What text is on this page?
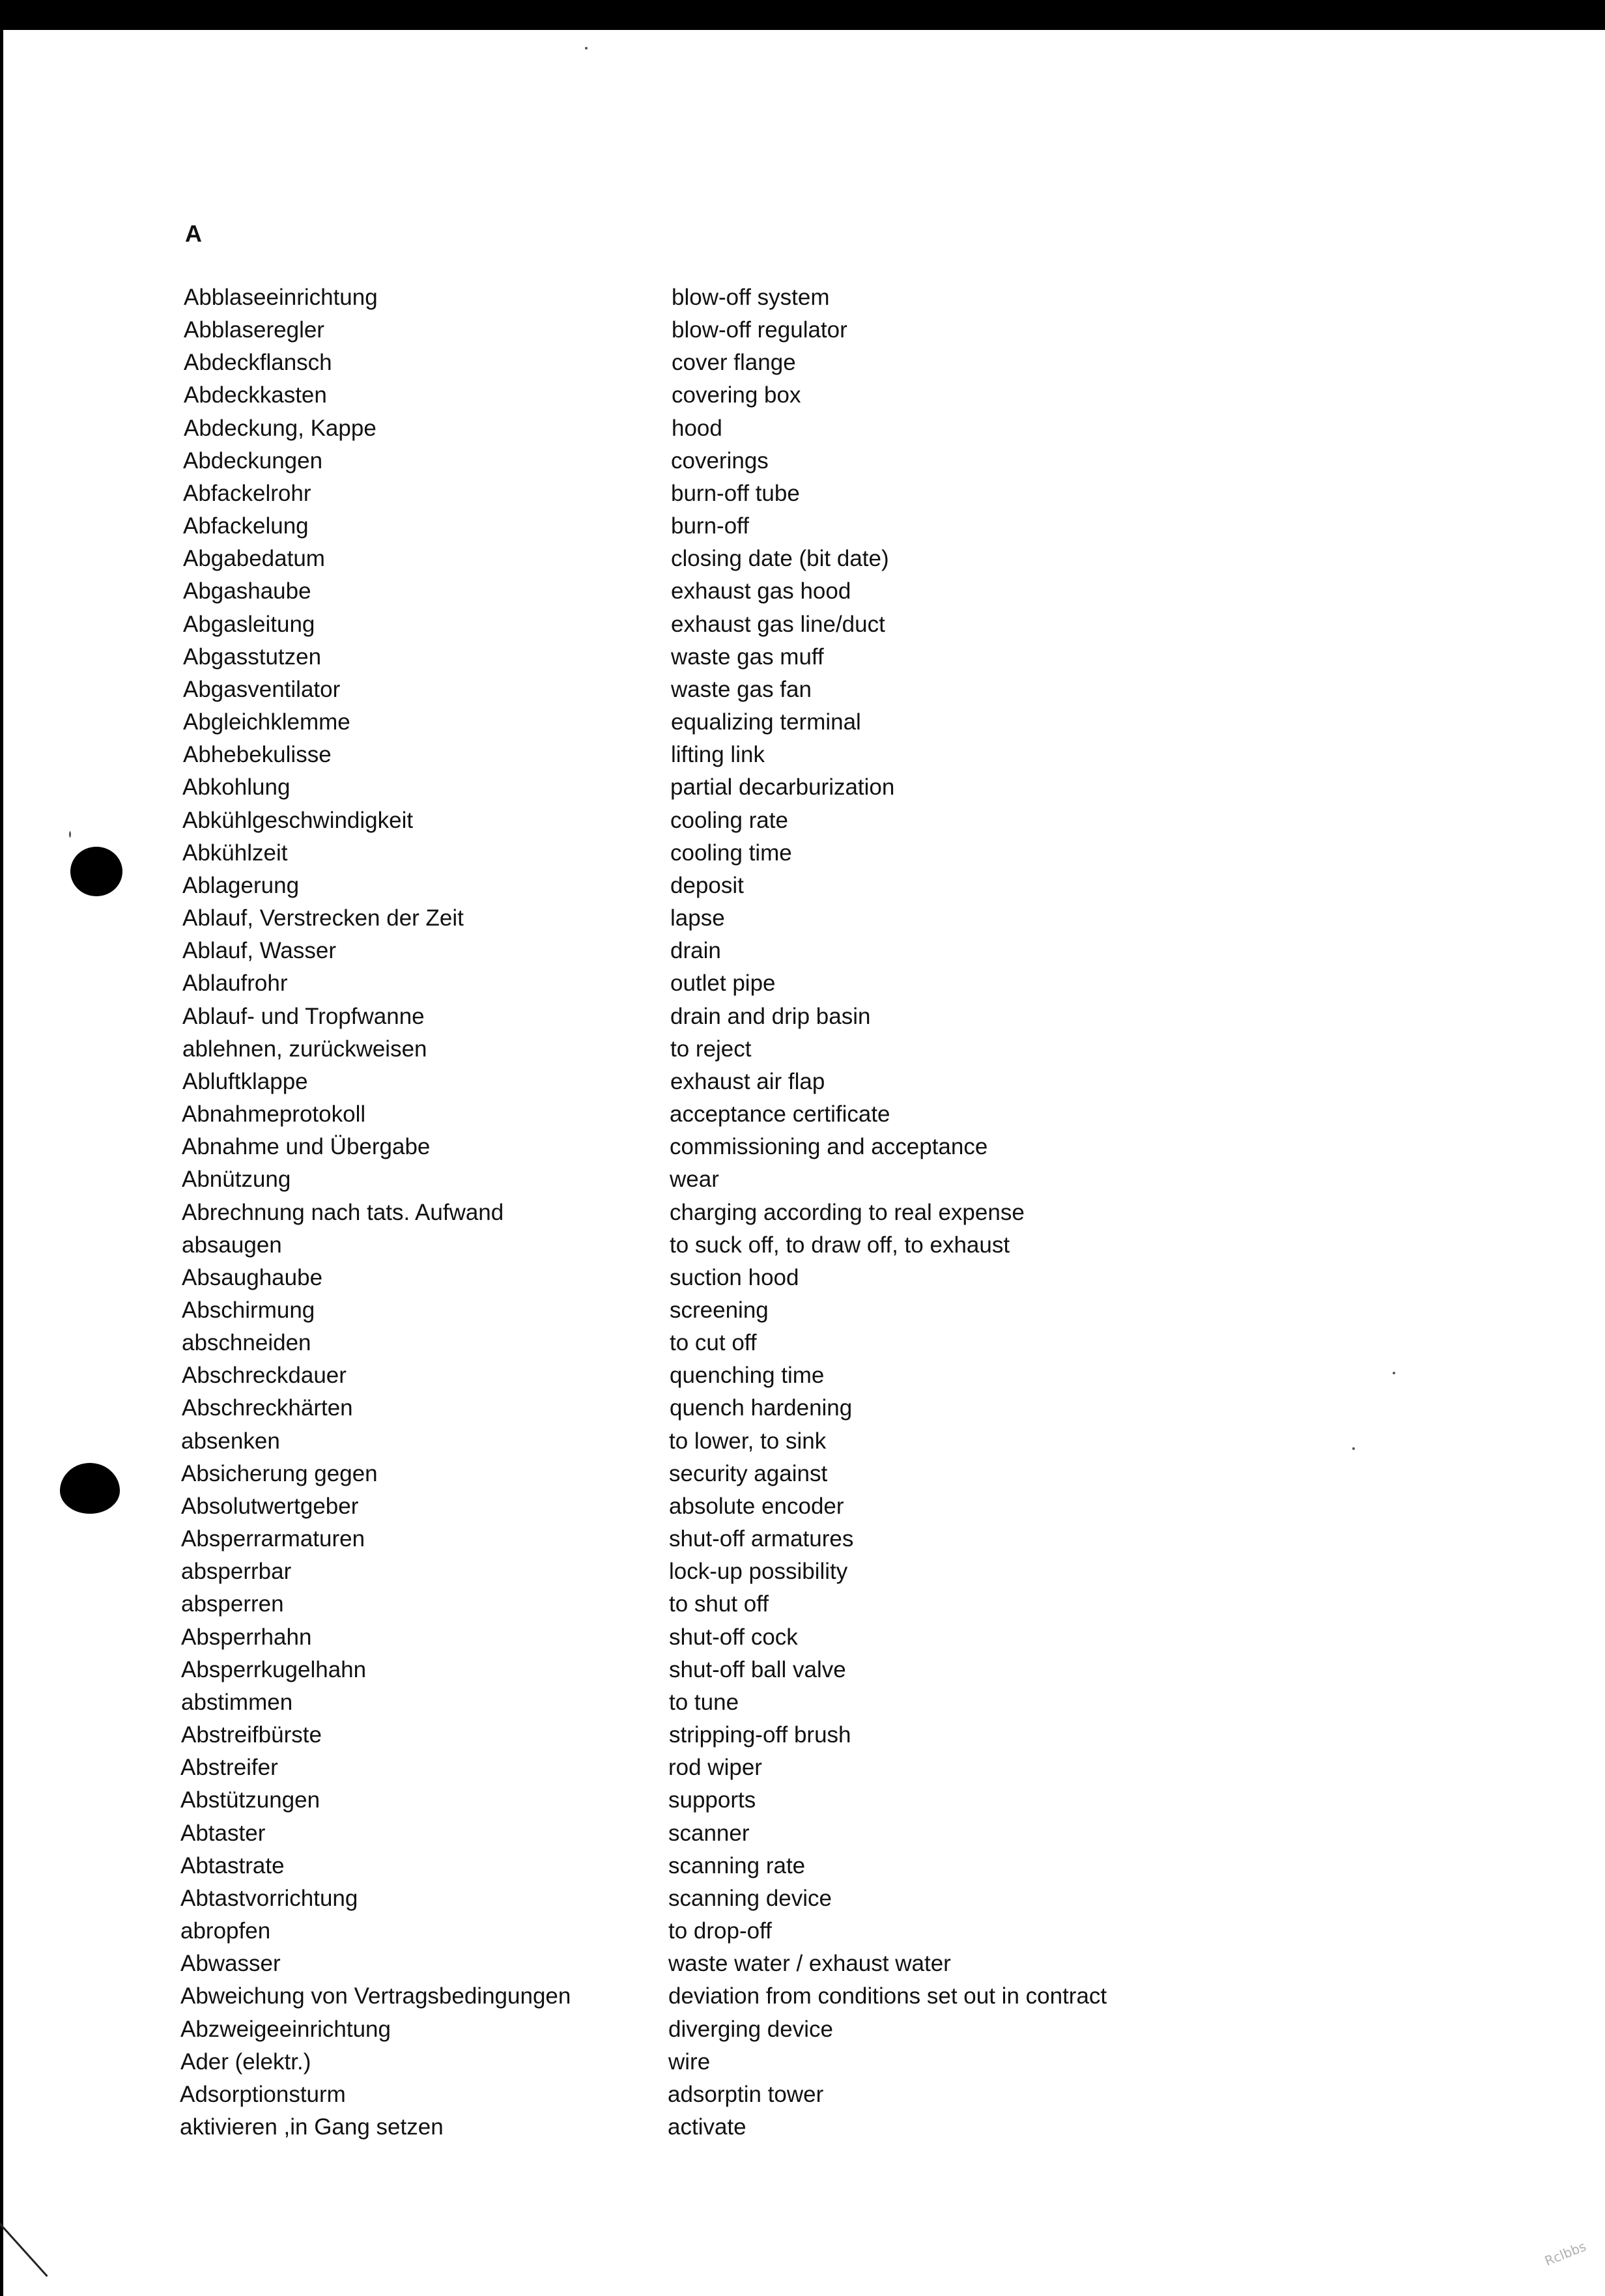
A
Abblaseeinrichtung	blow-off system
Abblaseregler	blow-off regulator
Abdeckflansch	cover flange
Abdeckkasten	covering box
Abdeckung, Kappe	hood
Abdeckungen	coverings
Abfackelrohr	burn-off tube
Abfackelung	burn-off
Abgabedatum	closing date (bit date)
Abgashaube	exhaust gas hood
Abgasleitung	exhaust gas line/duct
Abgasstutzen	waste gas muff
Abgasventilator	waste gas fan
Abgleichklemme	equalizing terminal
Abhebekulisse	lifting link
Abkohlung	partial decarburization
Abkühlgeschwindigkeit	cooling rate
Abkühlzeit	cooling time
Ablagerung	deposit
Ablauf, Verstrecken der Zeit	lapse
Ablauf, Wasser	drain
Ablaufrohr	outlet pipe
Ablauf- und Tropfwanne	drain and drip basin
ablehnen, zurückweisen	to reject
Abluftklappe	exhaust air flap
Abnahmeprotokoll	acceptance certificate
Abnahme und Übergabe	commissioning and acceptance
Abnützung	wear
Abrechnung nach tats. Aufwand	charging according to real expense
absaugen	to suck off, to draw off, to exhaust
Absaughaube	suction hood
Abschirmung	screening
abschneiden	to cut off
Abschreckdauer	quenching time
Abschreckhärten	quench hardening
absenken	to lower, to sink
Absicherung gegen	security against
Absolutwertgeber	absolute encoder
Absperrarmaturen	shut-off armatures
absperrbar	lock-up possibility
absperren	to shut off
Absperrhahn	shut-off cock
Absperrkugelhahn	shut-off ball valve
abstimmen	to tune
Abstreifbürste	stripping-off brush
Abstreifer	rod wiper
Abstützungen	supports
Abtaster	scanner
Abtastrate	scanning rate
Abtastvorrichtung	scanning device
abropfen	to drop-off
Abwasser	waste water / exhaust water
Abweichung von Vertragsbedingungen	deviation from conditions set out in contract
Abzweigeeinrichtung	diverging device
Ader (elektr.)	wire
Adsorptionsturm	adsorptin tower
aktivieren ,in Gang setzen	activate
Rclbbs
